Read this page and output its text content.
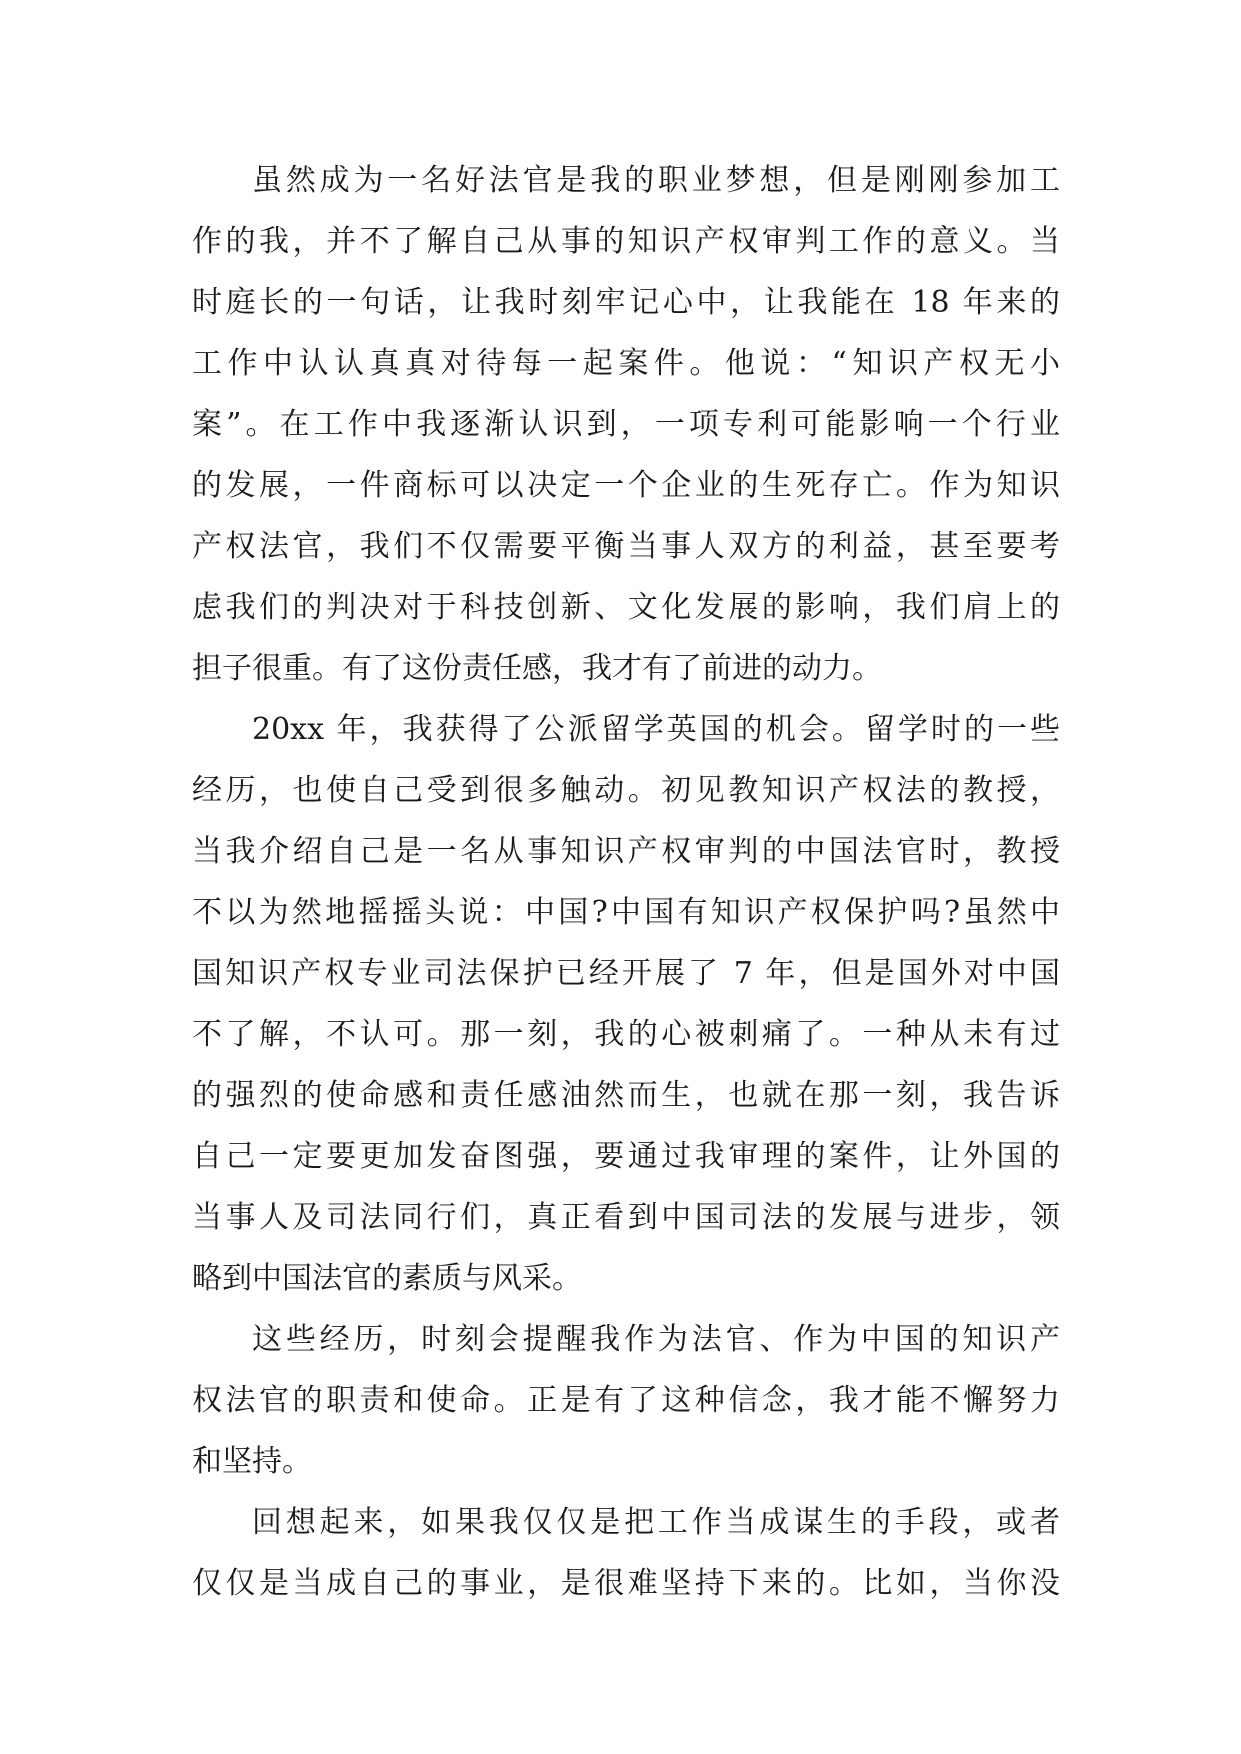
虽然成为一名好法官是我的职业梦想，但是刚刚参加工
作的我，并不了解自己从事的知识产权审判工作的意义。当
时庭长的一句话，让我时刻牢记心中，让我能在 18 年来的
工作中认认真真对待每一起案件。他说：“知识产权无小
案”。在工作中我逐渐认识到，一项专利可能影响一个行业
的发展，一件商标可以决定一个企业的生死存亡。作为知识
产权法官，我们不仅需要平衡当事人双方的利益，甚至要考
虑我们的判决对于科技创新、文化发展的影响，我们肩上的
担子很重。有了这份责任感，我才有了前进的动力。
20xx 年，我获得了公派留学英国的机会。留学时的一些
经历，也使自己受到很多触动。初见教知识产权法的教授，
当我介绍自己是一名从事知识产权审判的中国法官时，教授
不以为然地摇摇头说：中国?中国有知识产权保护吗?虽然中
国知识产权专业司法保护已经开展了 7 年，但是国外对中国
不了解，不认可。那一刻，我的心被刺痛了。一种从未有过
的强烈的使命感和责任感油然而生，也就在那一刻，我告诉
自己一定要更加发奋图强，要通过我审理的案件，让外国的
当事人及司法同行们，真正看到中国司法的发展与进步，领
略到中国法官的素质与风采。
这些经历，时刻会提醒我作为法官、作为中国的知识产
权法官的职责和使命。正是有了这种信念，我才能不懈努力
和坚持。
回想起来，如果我仅仅是把工作当成谋生的手段，或者
仅仅是当成自己的事业，是很难坚持下来的。比如，当你没
